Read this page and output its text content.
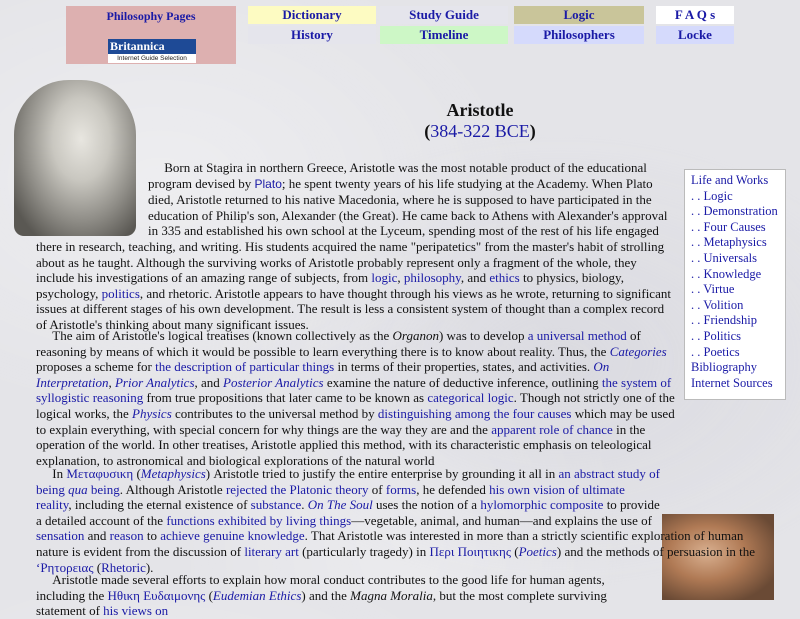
Philosophy Pages
Britannica
Internet Guide Selection
Dictionary	Study Guide	Logic	F A Q s
History	Timeline	Philosophers	Locke
Aristotle
(384-322 BCE)
Life and Works
. . Logic
. . Demonstration
. . Four Causes
. . Metaphysics
. . Universals
. . Knowledge
. . Virtue
. . Volition
. . Friendship
. . Politics
. . Poetics
Bibliography
Internet Sources

Born at Stagira in northern Greece, Aristotle was the most notable product of the educational program devised by Plato; he spent twenty years of his life studying at the Academy. When Plato died, Aristotle returned to his native Macedonia, where he is supposed to have participated in the education of Philip's son, Alexander (the Great). He came back to Athens with Alexander's approval in 335 and established his own school at the Lyceum, spending most of the rest of his life engaged there in research, teaching, and writing. His students acquired the name "peripatetics" from the master's habit of strolling about as he taught. Although the surviving works of Aristotle probably represent only a fragment of the whole, they include his investigations of an amazing range of subjects, from logic, philosophy, and ethics to physics, biology, psychology, politics, and rhetoric. Aristotle appears to have thought through his views as he wrote, returning to significant issues at different stages of his own development. The result is less a consistent system of thought than a complex record of Aristotle's thinking about many significant issues.

The aim of Aristotle's logical treatises (known collectively as the Organon) was to develop a universal method of reasoning by means of which it would be possible to learn everything there is to know about reality. Thus, the Categories proposes a scheme for the description of particular things in terms of their properties, states, and activities. On Interpretation, Prior Analytics, and Posterior Analytics examine the nature of deductive inference, outlining the system of syllogistic reasoning from true propositions that later came to be known as categorical logic. Though not strictly one of the logical works, the Physics contributes to the universal method by distinguishing among the four causes which may be used to explain everything, with special concern for why things are the way they are and the apparent role of chance in the operation of the world. In other treatises, Aristotle applied this method, with its characteristic emphasis on teleological explanation, to astronomical and biological explorations of the natural world

In Μεταφυσικη (Metaphysics) Aristotle tried to justify the entire enterprise by grounding it all in an abstract study of being qua being. Although Aristotle rejected the Platonic theory of forms, he defended his own vision of ultimate reality, including the eternal existence of substance. On The Soul uses the notion of a hylomorphic composite to provide a detailed account of the functions exhibited by living things—vegetable, animal, and human—and explains the use of sensation and reason to achieve genuine knowledge. That Aristotle was interested in more than a strictly scientific exploration of human nature is evident from the discussion of literary art (particularly tragedy) in Περι Ποιητικης (Poetics) and the methods of persuasion in the ‘Ρητορειας (Rhetoric).

Aristotle made several efforts to explain how moral conduct contributes to the good life for human agents, including the Ηθικη Ευδαιμονης (Eudemian Ethics) and the Magna Moralia, but the most complete surviving statement of his views on
